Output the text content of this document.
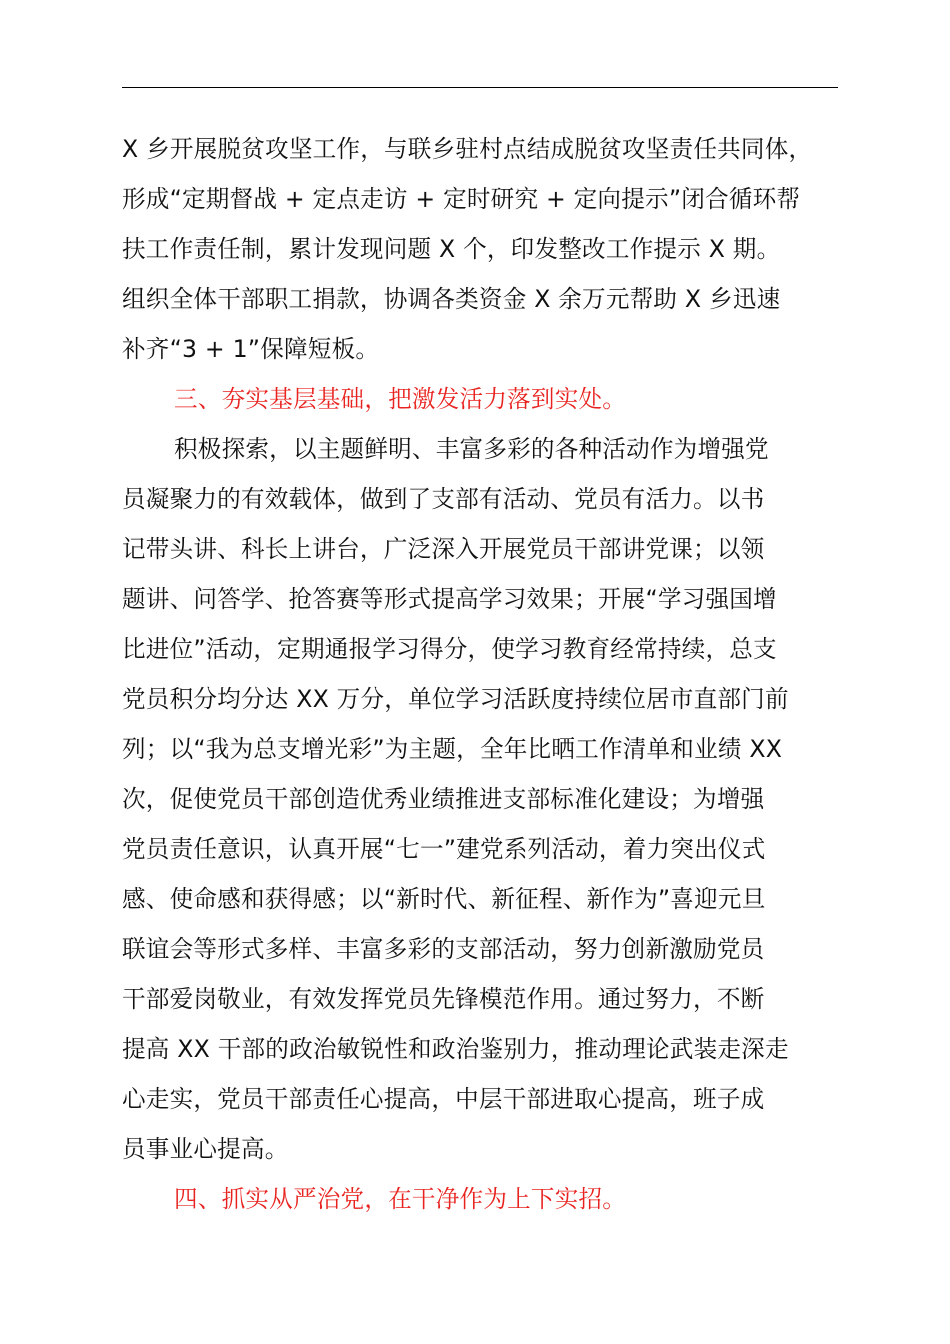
X 乡开展脱贫攻坚工作，与联乡驻村点结成脱贫攻坚责任共同体，
形成“定期督战 + 定点走访 + 定时研究 + 定向提示”闭合循环帮
扶工作责任制，累计发现问题 X 个，印发整改工作提示 X 期。
组织全体干部职工捐款，协调各类资金 X 余万元帮助 X 乡迅速
补齐“3 + 1”保障短板。
三、夯实基层基础，把激发活力落到实处。
积极探索，以主题鲜明、丰富多彩的各种活动作为增强党
员凝聚力的有效载体，做到了支部有活动、党员有活力。以书
记带头讲、科长上讲台，广泛深入开展党员干部讲党课；以领
题讲、问答学、抢答赛等形式提高学习效果；开展“学习强国增
比进位”活动，定期通报学习得分，使学习教育经常持续，总支
党员积分均分达 XX 万分，单位学习活跃度持续位居市直部门前
列；以“我为总支增光彩”为主题，全年比晒工作清单和业绩 XX
次，促使党员干部创造优秀业绩推进支部标准化建设；为增强
党员责任意识，认真开展“七一”建党系列活动，着力突出仪式
感、使命感和获得感；以“新时代、新征程、新作为”喜迎元旦
联谊会等形式多样、丰富多彩的支部活动，努力创新激励党员
干部爱岗敬业，有效发挥党员先锋模范作用。通过努力，不断
提高 XX 干部的政治敏锐性和政治鉴别力，推动理论武装走深走
心走实，党员干部责任心提高，中层干部进取心提高，班子成
员事业心提高。
四、抓实从严治党，在干净作为上下实招。
